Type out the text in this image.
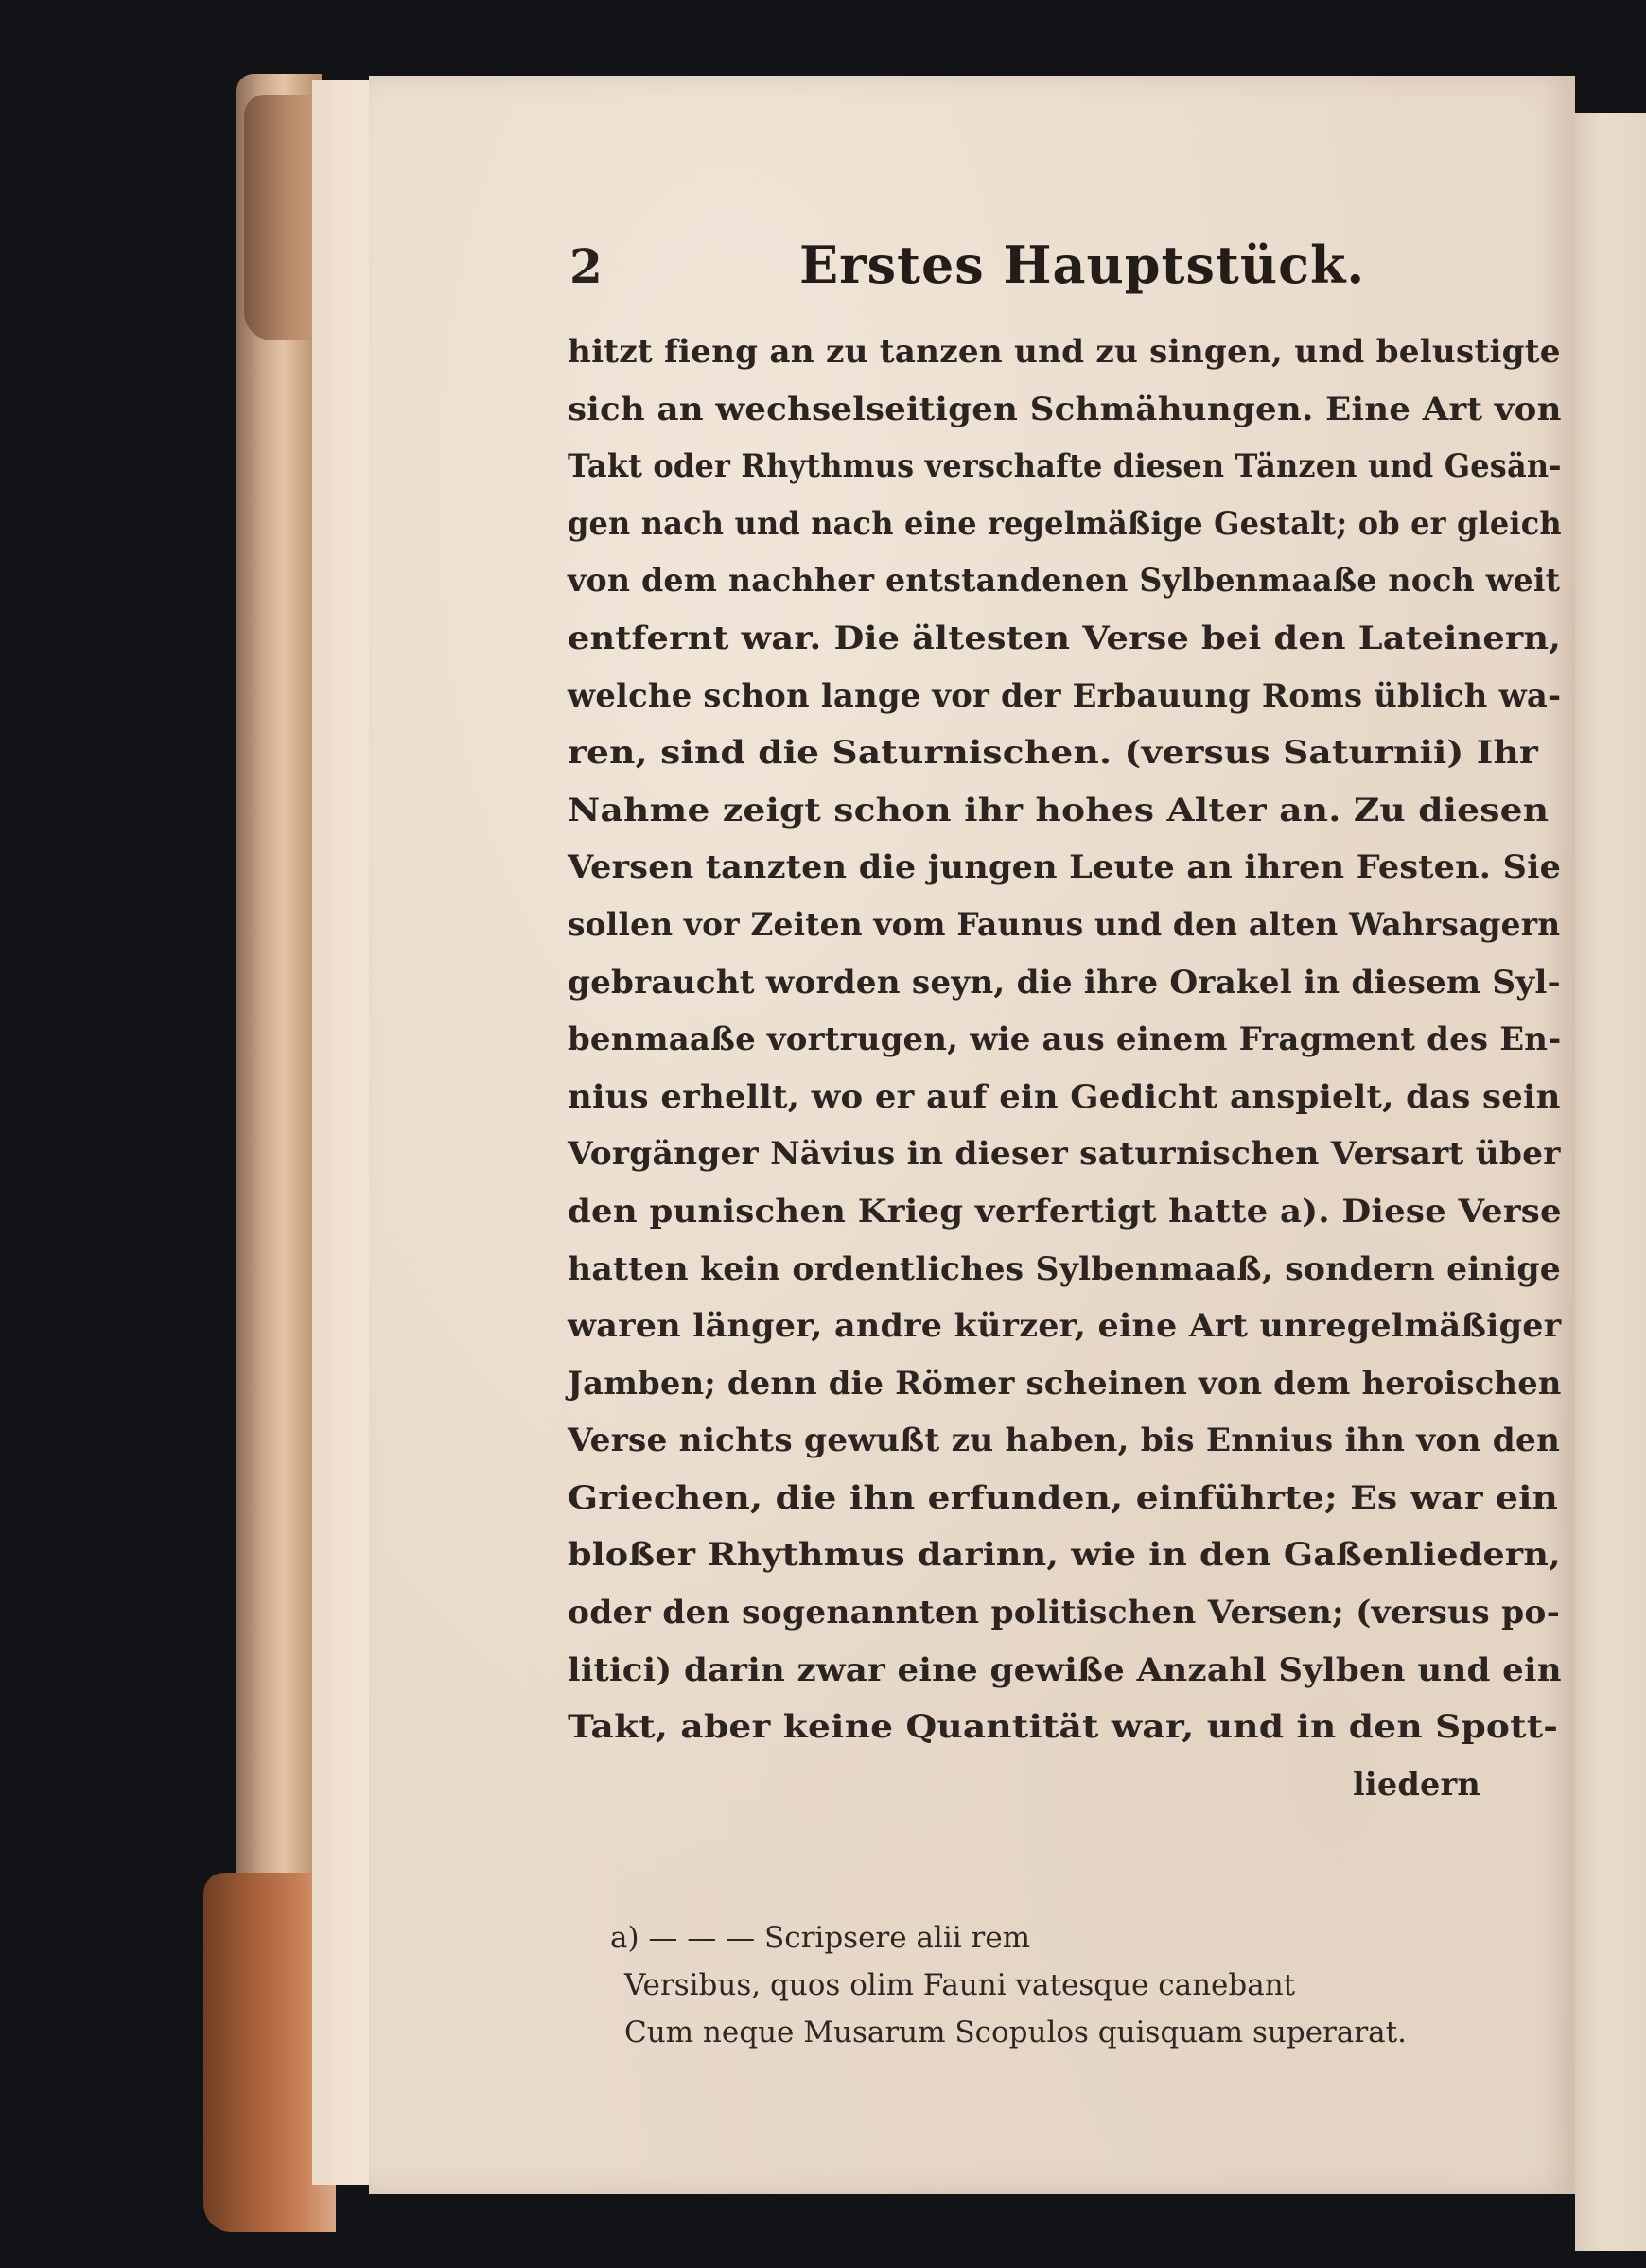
2	Erstes Hauptstück.
hitzt fieng an zu tanzen und zu singen, und belustigte
sich an wechselseitigen Schmähungen. Eine Art von
Takt oder Rhythmus verschafte diesen Tänzen und Gesän-
gen nach und nach eine regelmäßige Gestalt; ob er gleich
von dem nachher entstandenen Sylbenmaaße noch weit
entfernt war. Die ältesten Verse bei den Lateinern,
welche schon lange vor der Erbauung Roms üblich wa-
ren, sind die Saturnischen. (versus Saturnii) Ihr
Nahme zeigt schon ihr hohes Alter an. Zu diesen
Versen tanzten die jungen Leute an ihren Festen. Sie
sollen vor Zeiten vom Faunus und den alten Wahrsagern
gebraucht worden seyn, die ihre Orakel in diesem Syl-
benmaaße vortrugen, wie aus einem Fragment des En-
nius erhellt, wo er auf ein Gedicht anspielt, das sein
Vorgänger Nävius in dieser saturnischen Versart über
den punischen Krieg verfertigt hatte a). Diese Verse
hatten kein ordentliches Sylbenmaaß, sondern einige
waren länger, andre kürzer, eine Art unregelmäßiger
Jamben; denn die Römer scheinen von dem heroischen
Verse nichts gewußt zu haben, bis Ennius ihn von den
Griechen, die ihn erfunden, einführte; Es war ein
bloßer Rhythmus darinn, wie in den Gaßenliedern,
oder den sogenannten politischen Versen; (versus po-
litici) darin zwar eine gewiße Anzahl Sylben und ein
Takt, aber keine Quantität war, und in den Spott-
liedern
a) — — — Scripsere alii rem
Versibus, quos olim Fauni vatesque canebant
Cum neque Musarum Scopulos quisquam superarat.
